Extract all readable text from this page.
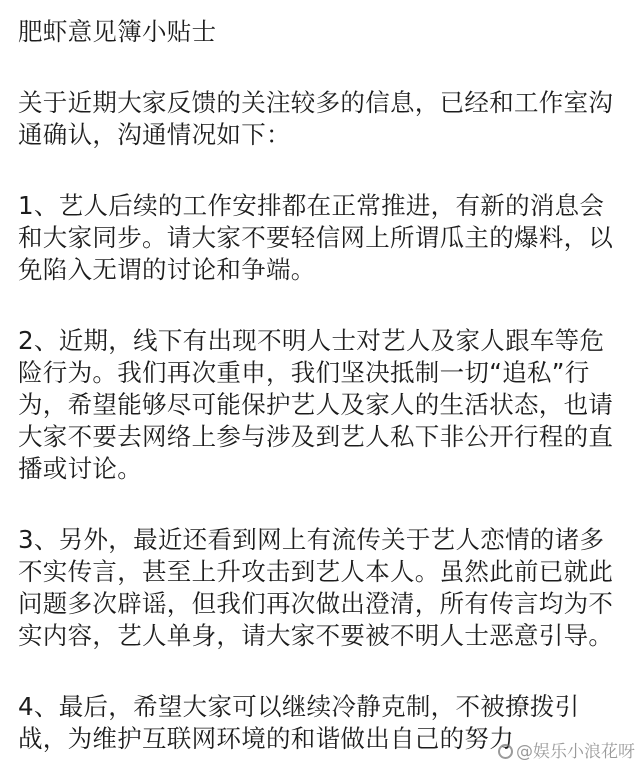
肥虾意见簿小贴士
关于近期大家反馈的关注较多的信息，已经和工作室沟
通确认，沟通情况如下：
1、艺人后续的工作安排都在正常推进，有新的消息会
和大家同步。请大家不要轻信网上所谓瓜主的爆料，以
免陷入无谓的讨论和争端。
2、近期，线下有出现不明人士对艺人及家人跟车等危
险行为。我们再次重申，我们坚决抵制一切“追私”行
为，希望能够尽可能保护艺人及家人的生活状态，也请
大家不要去网络上参与涉及到艺人私下非公开行程的直
播或讨论。
3、另外，最近还看到网上有流传关于艺人恋情的诸多
不实传言，甚至上升攻击到艺人本人。虽然此前已就此
问题多次辟谣，但我们再次做出澄清，所有传言均为不
实内容，艺人单身，请大家不要被不明人士恶意引导。
4、最后，希望大家可以继续冷静克制，不被撩拨引
战，为维护互联网环境的和谐做出自己的努力 @娱乐小浪花呀
